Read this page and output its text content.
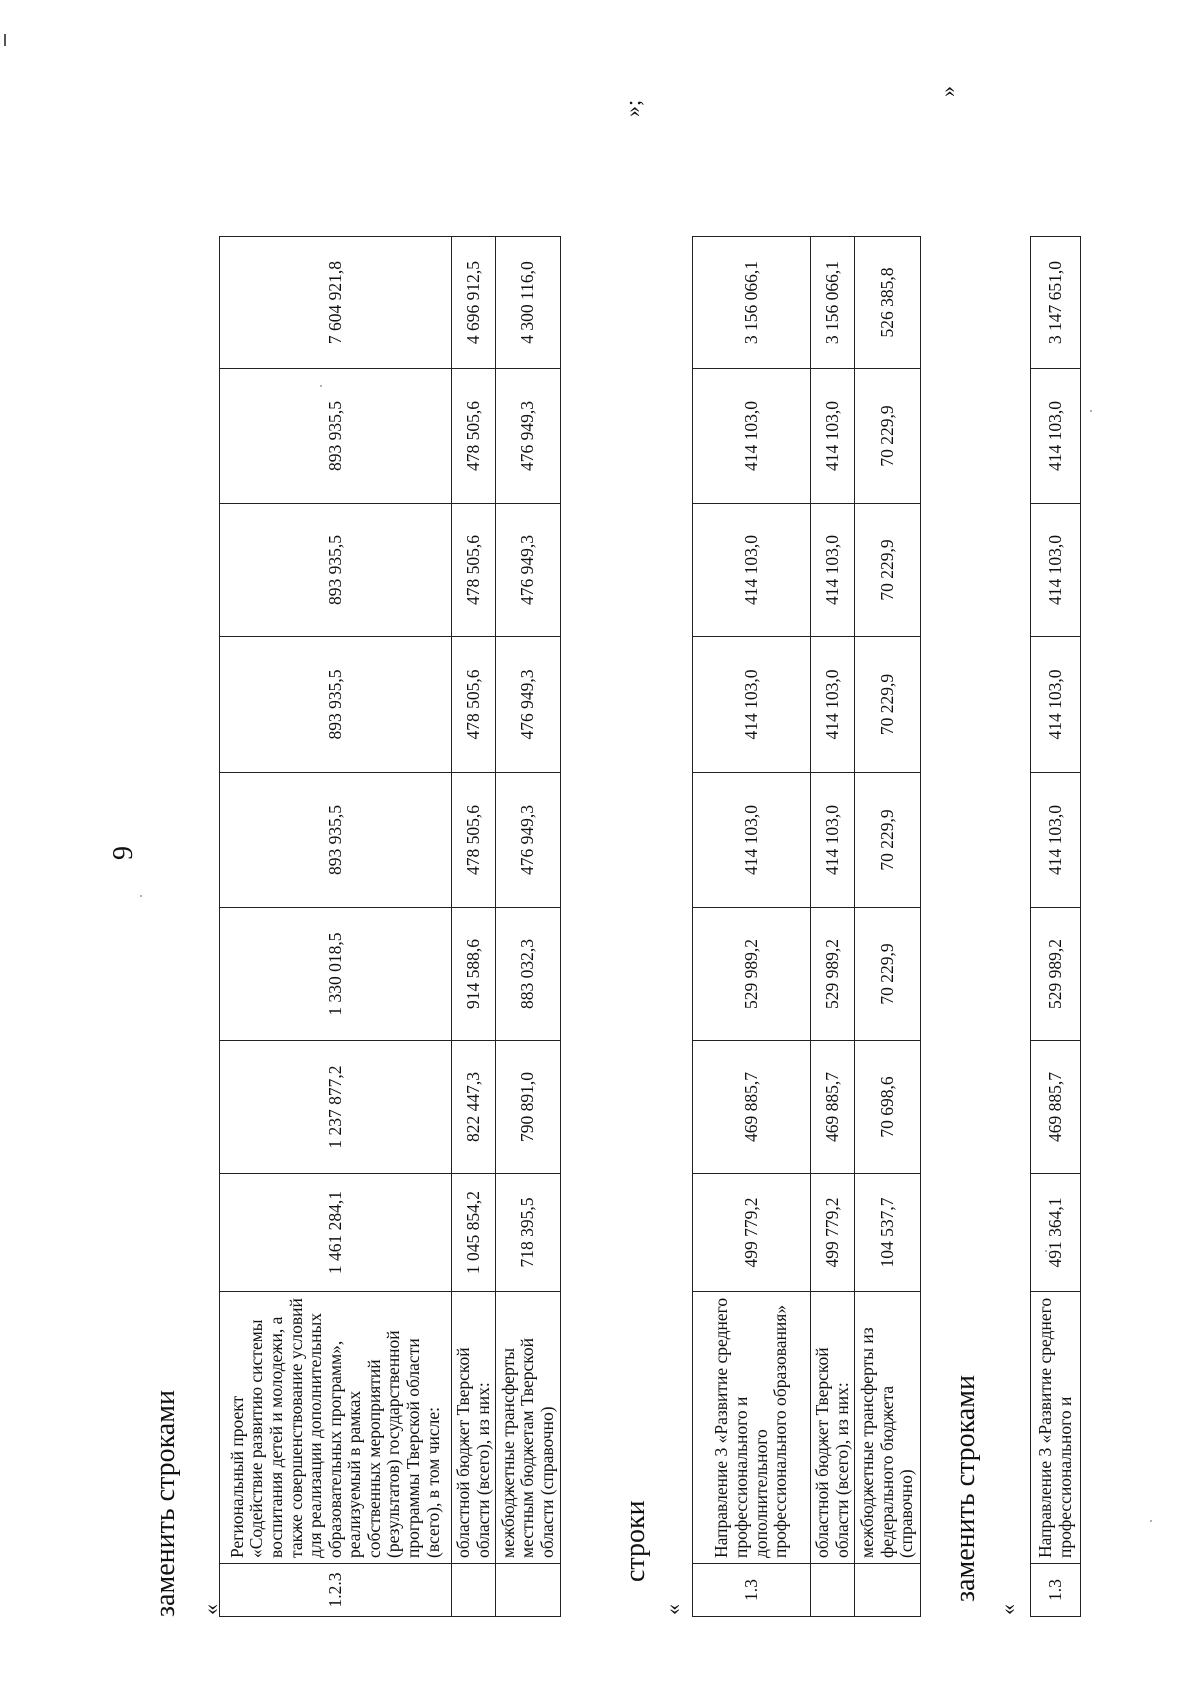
9
заменить строками «
1.2.3	Региональный проект «Содействие развитию системы воспитания детей и молодежи, а также совершенствование условий для реализации дополнительных образовательных программ», реализуемый в рамках собственных мероприятий (результатов) государственной программы Тверской области (всего), в том числе:	1 461 284,1	1 237 877,2	1 330 018,5	893 935,5	893 935,5	893 935,5	893 935,5	7 604 921,8
	областной бюджет Тверской области (всего), из них:	1 045 854,2	822 447,3	914 588,6	478 505,6	478 505,6	478 505,6	478 505,6	4 696 912,5
	межбюджетные трансферты местным бюджетам Тверской области (справочно)	718 395,5	790 891,0	883 032,3	476 949,3	476 949,3	476 949,3	476 949,3	4 300 116,0
»;
строки
«
1.3	Направление 3 «Развитие среднего профессионального и дополнительного профессионального образования»	499 779,2	469 885,7	529 989,2	414 103,0	414 103,0	414 103,0	414 103,0	3 156 066,1
	областной бюджет Тверской области (всего), из них:	499 779,2	469 885,7	529 989,2	414 103,0	414 103,0	414 103,0	414 103,0	3 156 066,1
	межбюджетные трансферты из федерального бюджета (справочно)	104 537,7	70 698,6	70 229,9	70 229,9	70 229,9	70 229,9	70 229,9	526 385,8
»
заменить строками
«
1.3	Направление 3 «Развитие среднего профессионального и	491 364,1	469 885,7	529 989,2	414 103,0	414 103,0	414 103,0	414 103,0	3 147 651,0
